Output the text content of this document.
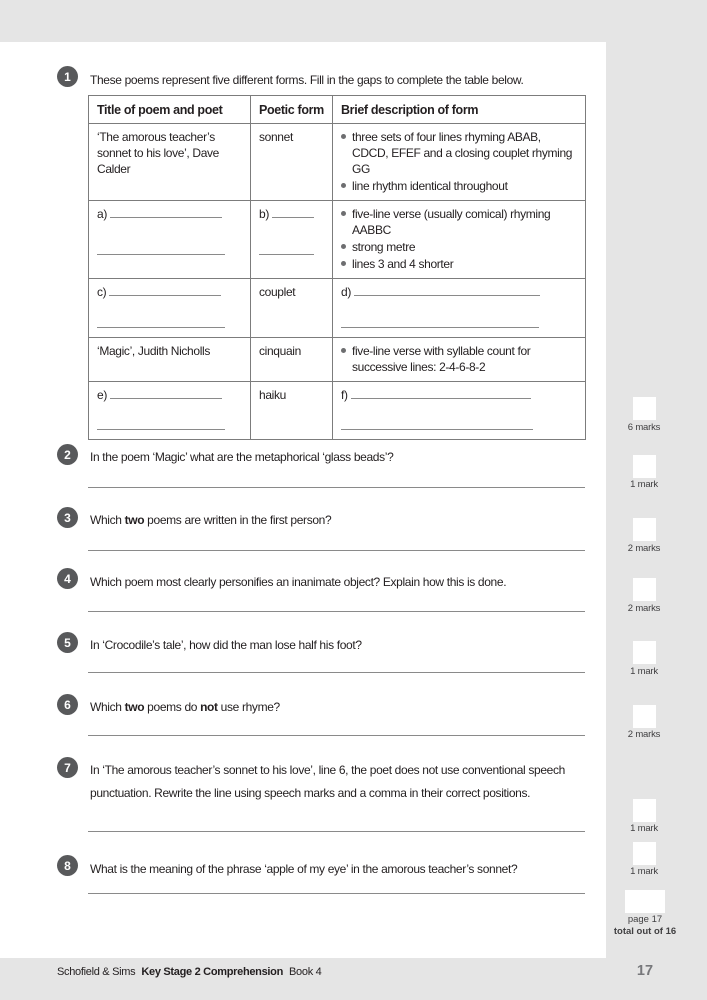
1	These poems represent five different forms. Fill in the gaps to complete the table below.
Title of poem and poet	Poetic form	Brief description of form
‘The amorous teacher’s sonnet to his love’, Dave Calder	sonnet	three sets of four lines rhyming ABAB, CDCD, EFEF and a closing couplet rhyming GG
line rhythm identical throughout

a)	b)	five-line verse (usually comical) rhyming AABBC
strong metre
lines 3 and 4 shorter

c)	couplet	d)
‘Magic’, Judith Nicholls	cinquain	five-line verse with syllable count for successive lines: 2-4-6-8-2

e)	haiku	f)
2	In the poem ‘Magic’ what are the metaphorical ‘glass beads’?
3	Which two poems are written in the first person?
4	Which poem most clearly personifies an inanimate object? Explain how this is done.
5	In ‘Crocodile’s tale’, how did the man lose half his foot?
6	Which two poems do not use rhyme?
7	In ‘The amorous teacher’s sonnet to his love’, line 6, the poet does not use conventional speech punctuation. Rewrite the line using speech marks and a comma in their correct positions.
8	What is the meaning of the phrase ‘apple of my eye’ in the amorous teacher’s sonnet?
6 marks
1 mark
2 marks
2 marks
1 mark
2 marks
1 mark
1 mark
page 17
total out of 16
Schofield & Sims Key Stage 2 Comprehension Book 4	17
